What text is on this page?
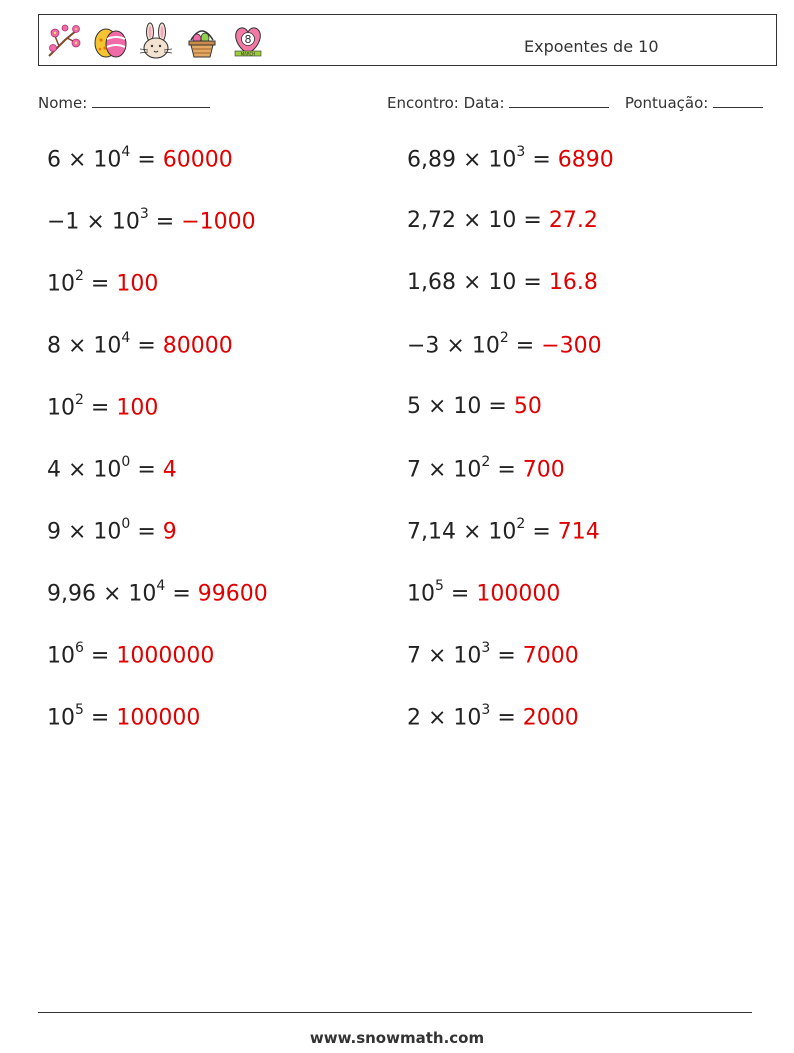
8
MARCH	Expoentes de 10
Nome:	Encontro: Data:	Pontuação:
$6 \times 10^4 = 60000$	$6,89 \times 10^3 = 6890$
$-1 \times 10^3 = -1000$	2,72 × 10 = 27.2
$10^2 = 100$	1,68 × 10 = 16.8
$8 \times 10^4 = 80000$	$-3 \times 10^2 = -300$
$10^2 = 100$	5 × 10 = 50
$4 \times 10^0 = 4$	$7 \times 10^2 = 700$
$9 \times 10^0 = 9$	$7,14 \times 10^2 = 714$
$9,96 \times 10^4 = 99600$	$10^5 = 100000$
$10^6 = 1000000$	$7 \times 10^3 = 7000$
$10^5 = 100000$	$2 \times 10^3 = 2000$
www.snowmath.com
